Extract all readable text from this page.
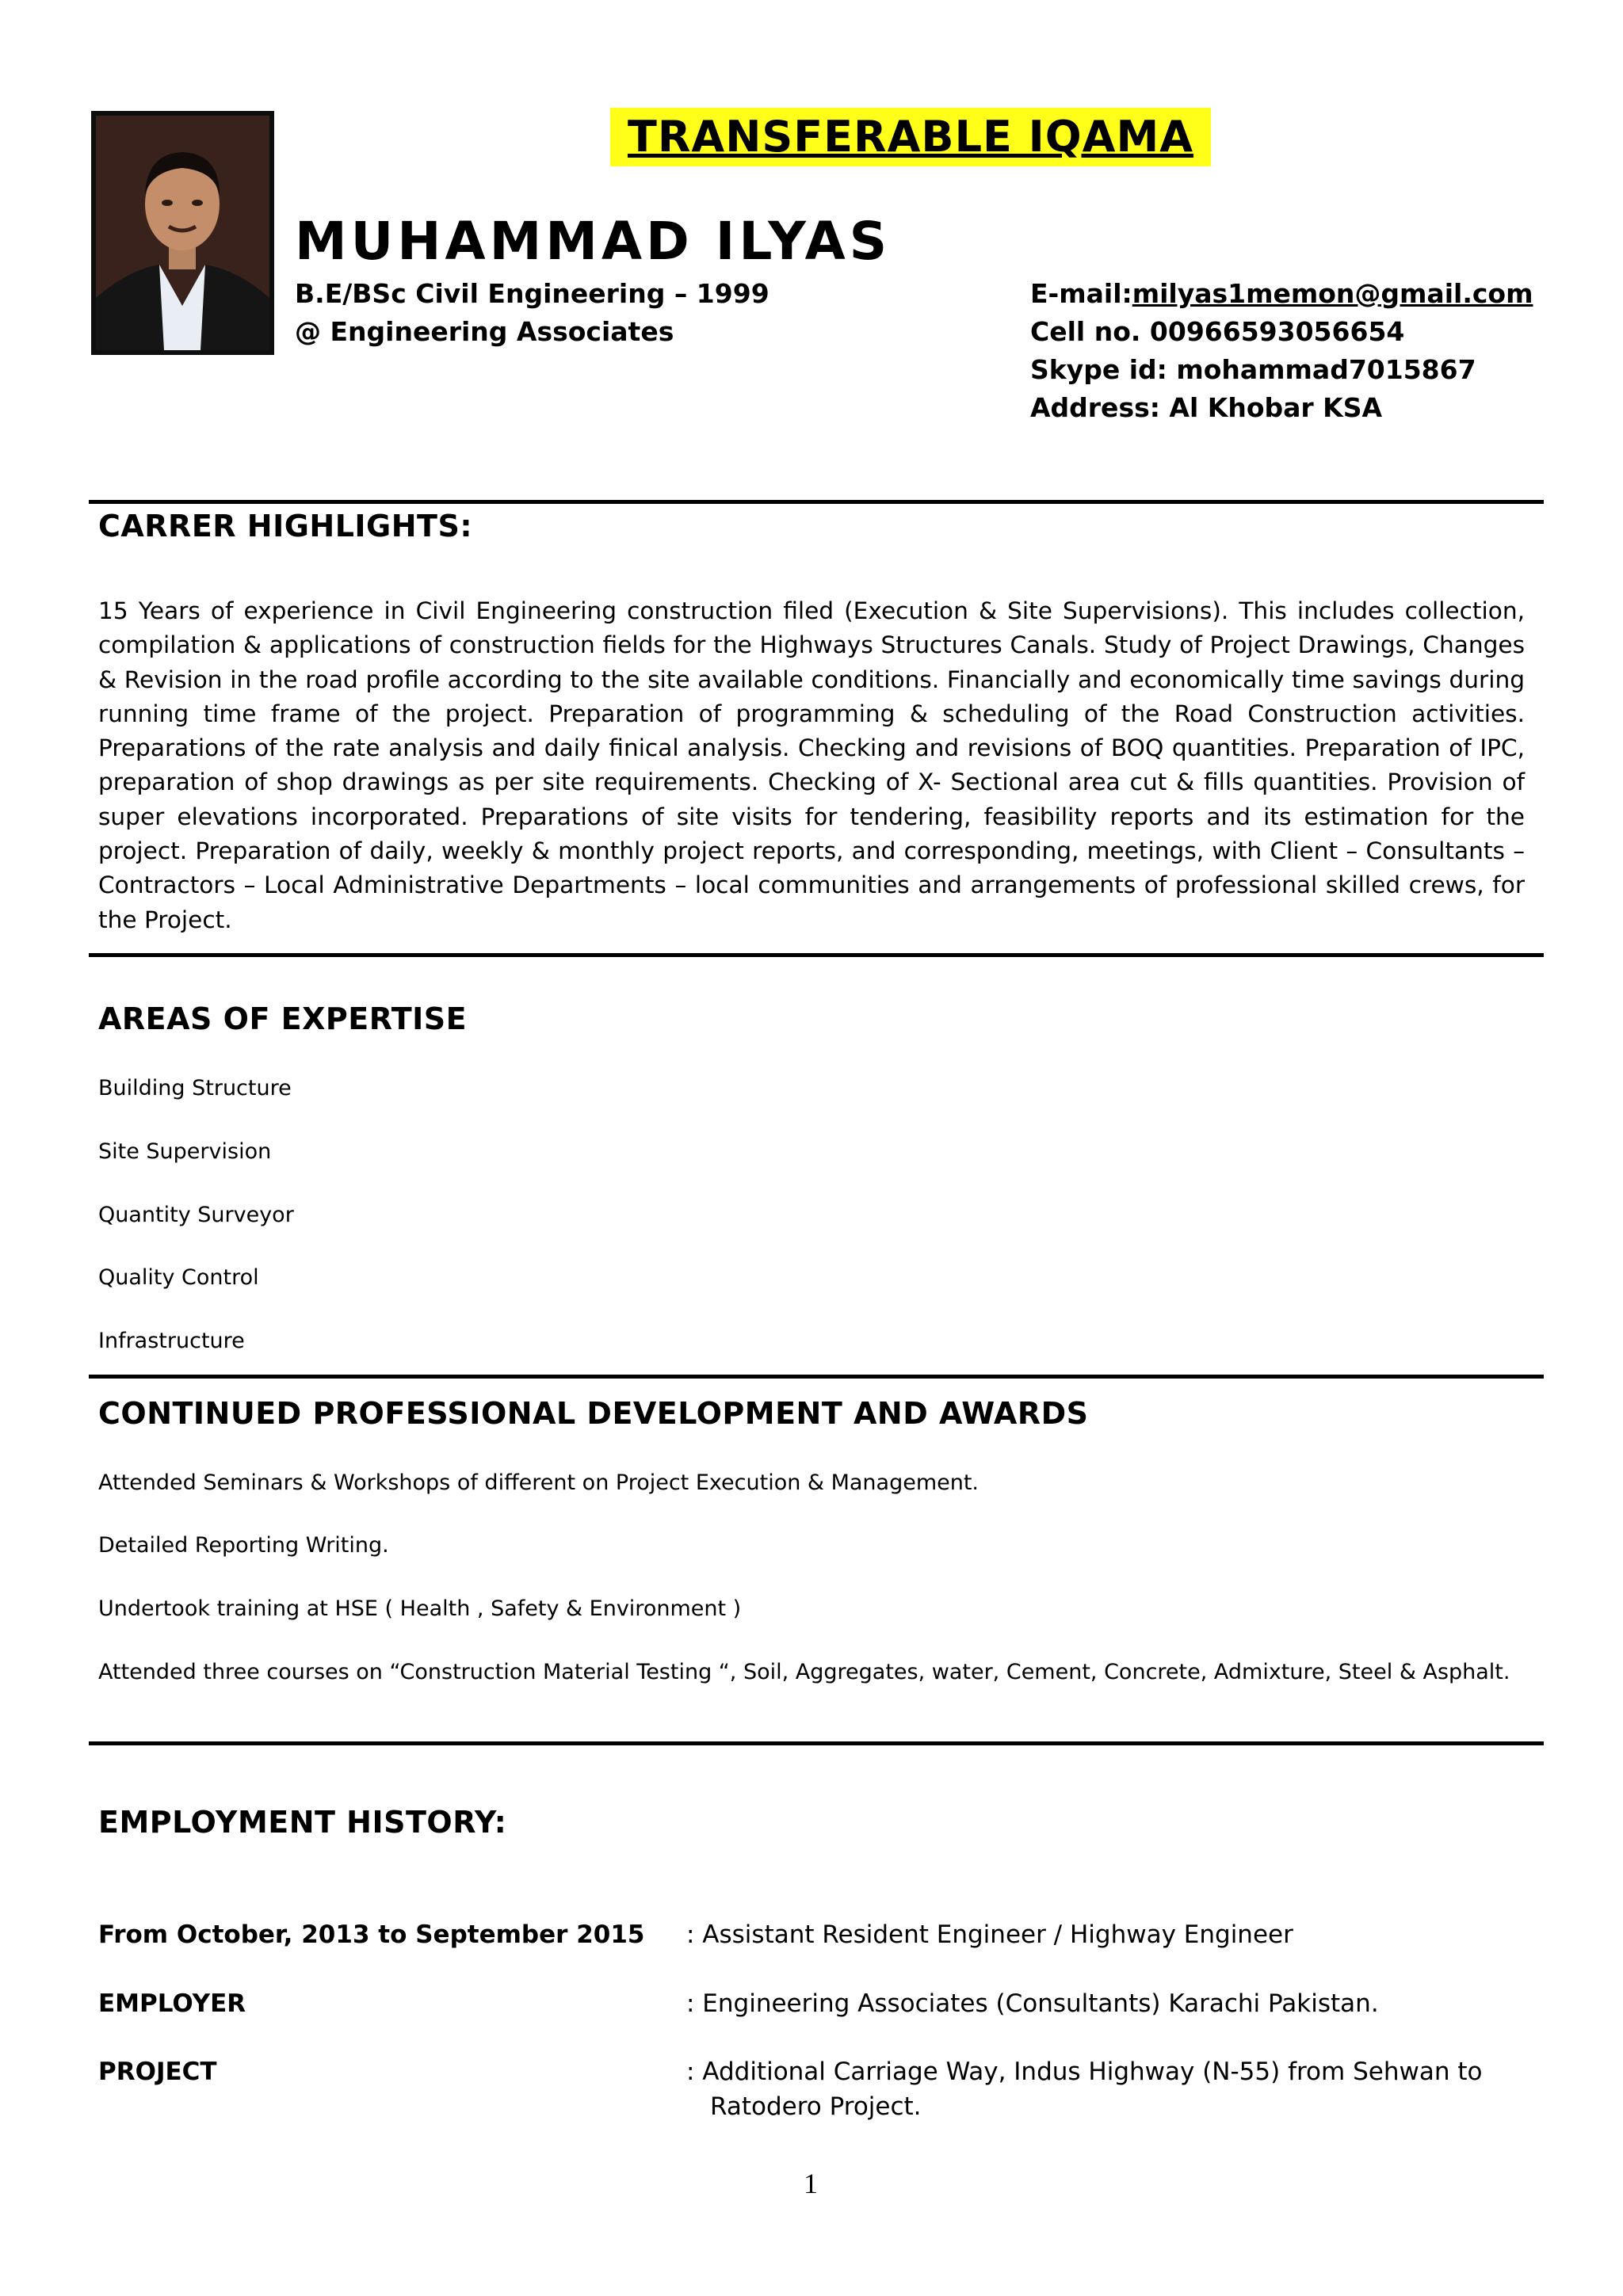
TRANSFERABLE IQAMA
MUHAMMAD ILYAS
B.E/BSc Civil Engineering – 1999
@ Engineering Associates
E-mail:milyas1memon@gmail.com
Cell no. 00966593056654
Skype id: mohammad7015867
Address: Al Khobar KSA
CARRER HIGHLIGHTS:
15 Years of experience in Civil Engineering construction filed (Execution & Site Supervisions). This includes collection, compilation & applications of construction fields for the Highways Structures Canals. Study of Project Drawings, Changes & Revision in the road profile according to the site available conditions. Financially and economically time savings during running time frame of the project. Preparation of programming & scheduling of the Road Construction activities. Preparations of the rate analysis and daily finical analysis. Checking and revisions of BOQ quantities. Preparation of IPC, preparation of shop drawings as per site requirements. Checking of X- Sectional area cut & fills quantities. Provision of super elevations incorporated. Preparations of site visits for tendering, feasibility reports and its estimation for the project. Preparation of daily, weekly & monthly project reports, and corresponding, meetings, with Client – Consultants – Contractors – Local Administrative Departments – local communities and arrangements of professional skilled crews, for the Project.
AREAS OF EXPERTISE
Building Structure
Site Supervision
Quantity Surveyor
Quality Control
Infrastructure
CONTINUED PROFESSIONAL DEVELOPMENT AND AWARDS
Attended Seminars & Workshops of different on Project Execution & Management.
Detailed Reporting Writing.
Undertook training at HSE ( Health , Safety & Environment )
Attended three courses on “Construction Material Testing “, Soil, Aggregates, water, Cement, Concrete, Admixture, Steel & Asphalt.
EMPLOYMENT HISTORY:
From October, 2013 to September 2015 : Assistant Resident Engineer / Highway Engineer
EMPLOYER	: Engineering Associates (Consultants) Karachi Pakistan.
PROJECT	: Additional Carriage Way, Indus Highway (N-55) from Sehwan to
Ratodero Project.
1
